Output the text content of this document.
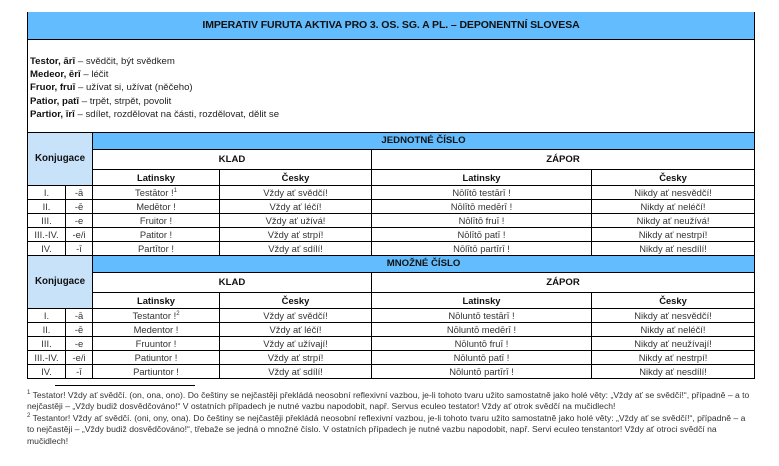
IMPERATIV FURUTA AKTIVA PRO 3. OS. SG. A PL. – DEPONENTNÍ SLOVESA
Testor, ārī – svědčit, být svědkem
Medeor, ērī – léčit
Fruor, fruī – užívat si, užívat (něčeho)
Patior, patī – trpět, strpět, povolit
Partior, īrī – sdílet, rozdělovat na části, rozdělovat, dělit se
Konjugace		JEDNOTNÉ ČÍSLO			
		KLAD		ZÁPOR	
		Latinsky	Česky	Latinsky	Česky
I.	-ā	Testātor !$^1$	Vždy ať svědčí!	Nōlītō testārī !	Nikdy ať nesvědčí!
II.	-ē	Medētor !	Vždy ať léčí!	Nōlītō medērī !	Nikdy ať neléčí!
III.	-e	Fruitor !	Vždy ať užívá!	Nōlītō fruī !	Nikdy ať neužívá!
III.-IV.	-e/i	Patitor !	Vždy ať strpí!	Nōlītō patī !	Nikdy ať nestrpí!
IV.	-ī	Partītor !	Vždy ať sdílí!	Nōlītō partīrī !	Nikdy ať nesdílí!
Konjugace		MNOŽNÉ ČÍSLO			
		KLAD		ZÁPOR	
		Latinsky	Česky	Latinsky	Česky
I.	-ā	Testantor !$^2$	Vždy ať svědčí!	Nōluntō testārī !	Nikdy ať nesvědčí!
II.	-ē	Medentor !	Vždy ať léčí!	Nōluntō medērī !	Nikdy ať neléčí!
III.	-e	Fruuntor !	Vždy ať užívají!	Nōluntō fruī !	Nikdy ať neužívají!
III.-IV.	-e/i	Patiuntor !	Vždy ať strpí!	Nōluntō patī !	Nikdy ať nestrpí!
IV.	-ī	Partiuntor !	Vždy ať sdílí!	Nōluntō partīrī !	Nikdy ať nesdílí!

$^1$ Testator! Vždy ať svědčí. (on, ona, ono). Do češtiny se nejčastěji překládá neosobní reflexivní vazbou, je-li tohoto tvaru užito samostatně jako holé věty: „Vždy ať se svědčí!“, případně – a to nejčastěji – „Vždy budiž dosvědčováno!“ V ostatních případech je nutné vazbu napodobit, např. Servus eculeo testator! Vždy ať otrok svědčí na mučidlech!

$^2$ Testantor! Vždy ať svědčí. (oni, ony, ona). Do češtiny se nejčastěji překládá neosobní reflexivní vazbou, je-li tohoto tvaru užito samostatně jako holé věty: „Vždy ať se svědčí!“, případně – a to nejčastěji – „Vždy budiž dosvědčováno!“, třebaže se jedná o množné číslo. V ostatních případech je nutné vazbu napodobit, např. Servi eculeo tenstantor! Vždy ať otroci svědčí na mučidlech!
